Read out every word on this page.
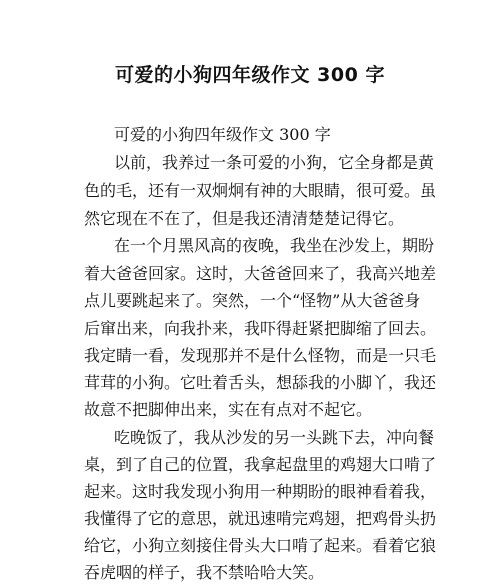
可爱的小狗四年级作文 300 字
可爱的小狗四年级作文 300 字
以前，我养过一条可爱的小狗，它全身都是黄
色的毛，还有一双炯炯有神的大眼睛，很可爱。虽
然它现在不在了，但是我还清清楚楚记得它。
在一个月黑风高的夜晚，我坐在沙发上，期盼
着大爸爸回家。这时，大爸爸回来了，我高兴地差
点儿要跳起来了。突然，一个“怪物”从大爸爸身
后窜出来，向我扑来，我吓得赶紧把脚缩了回去。
我定睛一看，发现那并不是什么怪物，而是一只毛
茸茸的小狗。它吐着舌头，想舔我的小脚丫，我还
故意不把脚伸出来，实在有点对不起它。
吃晚饭了，我从沙发的另一头跳下去，冲向餐
桌，到了自己的位置，我拿起盘里的鸡翅大口啃了
起来。这时我发现小狗用一种期盼的眼神看着我，
我懂得了它的意思，就迅速啃完鸡翅，把鸡骨头扔
给它，小狗立刻接住骨头大口啃了起来。看着它狼
吞虎咽的样子，我不禁哈哈大笑。
